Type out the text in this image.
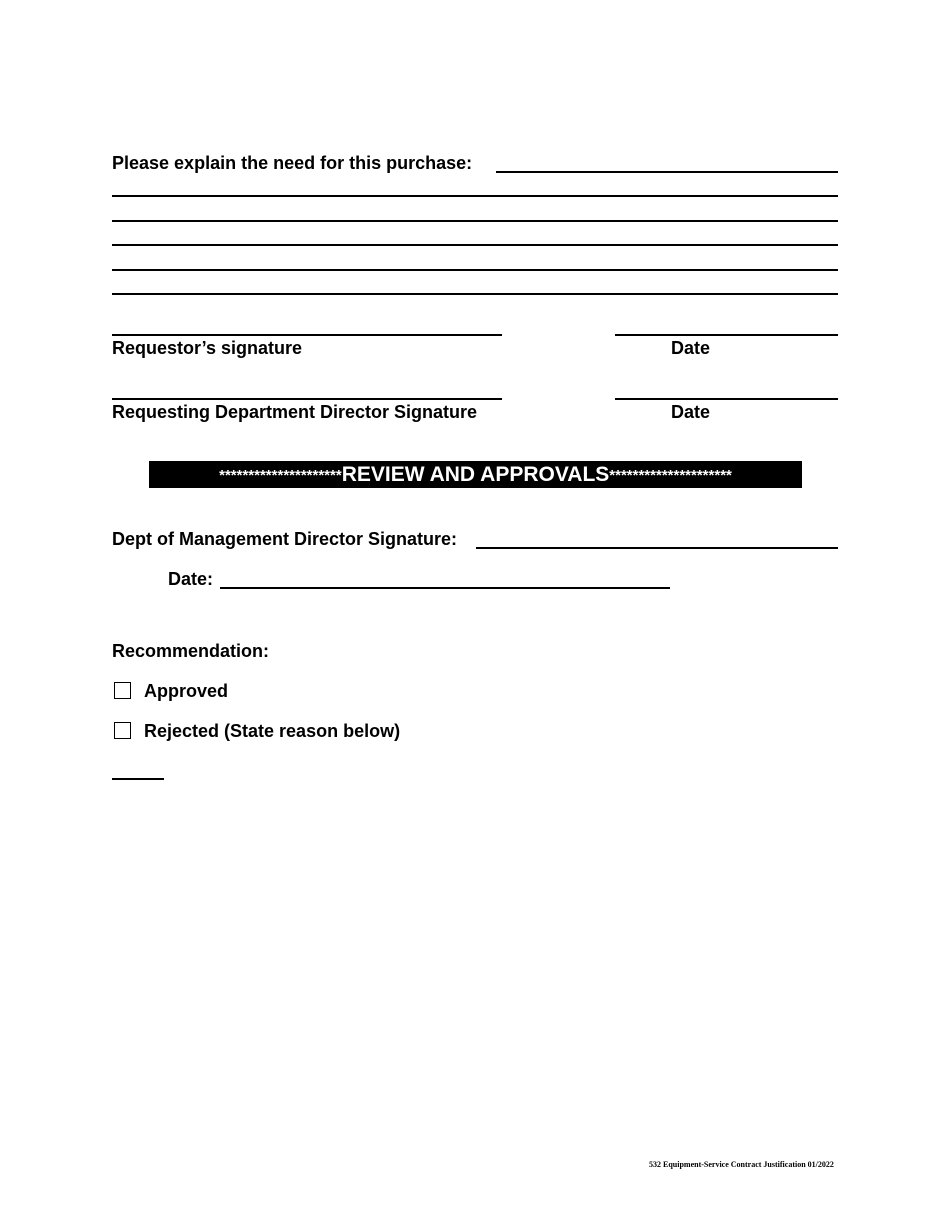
Please explain the need for this purchase:
Requestor’s signature	Date
Requesting Department Director Signature	Date
*********************REVIEW AND APPROVALS*********************
Dept of Management Director Signature:
Date:
Recommendation:
Approved
Rejected (State reason below)
532 Equipment-Service Contract Justification 01/2022
